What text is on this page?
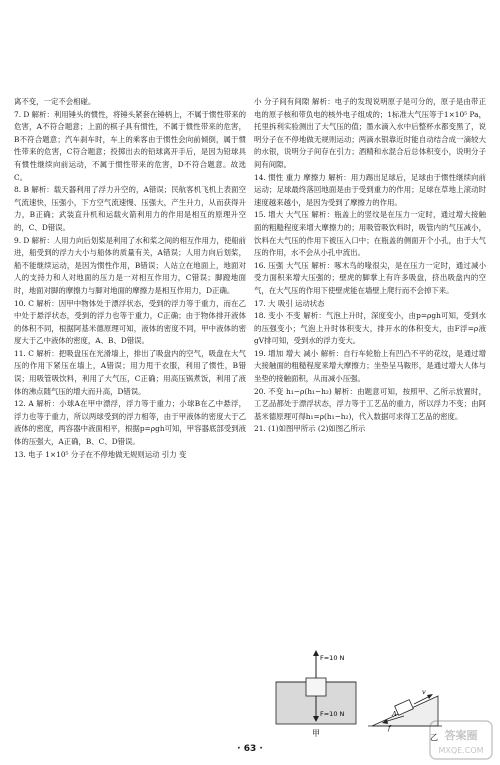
离不变，一定不会相碰。

7. D 解析：利用锤头的惯性，将锤头紧套在锤柄上，不属于惯性带来的危害，A不符合题意；上面的棋子具有惯性，不属于惯性带来的危害，B不符合题意；汽车刹车时，车上的乘客由于惯性会向前倾倒，属于惯性带来的危害，C符合题意；投掷出去的铅球离开手后，是因为铅球具有惯性继续向前运动，不属于惯性带来的危害，D不符合题意。故选C。

8. B 解析：载天器利用了浮力升空的，A错误；民航客机飞机上表面空气流速快，压强小，下方空气流速慢、压强大，产生升力，从而获得升力，B正确；武装直升机和运载火箭利用力的作用是相互的原理升空的，C、D错误。

9. D 解析：人用力向后划桨是利用了水和桨之间的相互作用力，使船前进，船受到的浮力大小与船体的质量有关，A错误；人用力向后划桨，船不能继续运动，是因为惯性作用，B错误；人站立在地面上，地面对人的支持力和人对地面的压力是一对相互作用力，C错误；脚蹬地面时，地面对脚的摩擦力与脚对地面的摩擦力是相互作用力，D正确。

10. C 解析：因甲中物体处于漂浮状态，受到的浮力等于重力，而在乙中处于悬浮状态，受到的浮力也等于重力，C正确；由于物体排开液体的体积不同，根据阿基米德原理可知，液体的密度不同，甲中液体的密度大于乙中液体的密度，A、B、D错误。

11. C 解析：把吸盘压在光滑墙上，排出了吸盘内的空气，吸盘在大气压的作用下紧压在墙上，A错误；用力甩干衣服，利用了惯性，B错误；用吸管吸饮料，利用了大气压，C正确；用高压锅煮饭，利用了液体的沸点随气压的增大而升高，D错误。

12. A 解析：小球A在甲中漂浮，浮力等于重力；小球B在乙中悬浮，浮力也等于重力，所以两球受到的浮力相等，由于甲液体的密度大于乙液体的密度，两容器中液面相平，根据p=ρgh可知，甲容器底部受到液体的压强大，A正确，B、C、D错误。

13. 电子 1×10⁵ 分子在不停地做无规则运动 引力 变

小 分子间有间隙 解析：电子的发现说明原子是可分的，原子是由带正电的原子核和带负电的核外电子组成的；1标准大气压等于1×10⁵ Pa，托里拆利实验测出了大气压的值；墨水滴入水中后整杯水都变黑了，说明分子在不停地做无规则运动；两滴水银靠近时能自动结合成一滴较大的水银，说明分子间存在引力；酒精和水混合后总体积变小，说明分子间有间隙。

14. 惯性 重力 摩擦力 解析：用力踢出足球后，足球由于惯性继续向前运动；足球最终落回地面是由于受到重力的作用；足球在草地上滚动时速度越来越小，是因为受到了摩擦力的作用。

15. 增大 大气压 解析：瓶盖上的竖纹是在压力一定时，通过增大接触面的粗糙程度来增大摩擦力的；用吸管吸饮料时，吸管内的气压减小，饮料在大气压的作用下被压入口中；在瓶盖的侧面开个小孔，由于大气压的作用，水不会从小孔中流出。

16. 压强 大气压 解析：啄木鸟的喙很尖，是在压力一定时，通过减小受力面积来增大压强的；壁虎的脚掌上有许多吸盘，挤出吸盘内的空气，在大气压的作用下使壁虎能在墙壁上爬行而不会掉下来。

17. 大 吸引 运动状态

18. 变小 不变 解析：气泡上升时，深度变小，由p=ρgh可知，受到水的压强变小；气泡上升时体积变大，排开水的体积变大，由F浮=ρ液gV排可知，受到水的浮力变大。

19. 增加 增大 减小 解析：自行车轮胎上有凹凸不平的花纹，是通过增大接触面的粗糙程度来增大摩擦力；坐垫呈马鞍形，是通过增大人体与坐垫的接触面积，从而减小压强。

20. 不变 h₁−ρ(h₁−h₂) 解析：由题意可知，按照甲、乙所示放置时，工艺品都处于漂浮状态，浮力等于工艺品的重力，所以浮力不变；由阿基米德原理可得h₁=ρ(h₁−h₂)，代入数据可求得工艺品的密度。

21. (1)如图甲所示 (2)如图乙所示

F=10 N
F=10 N
甲
A
f
v
乙
· 63 ·
答案圈
MXQE.COM
